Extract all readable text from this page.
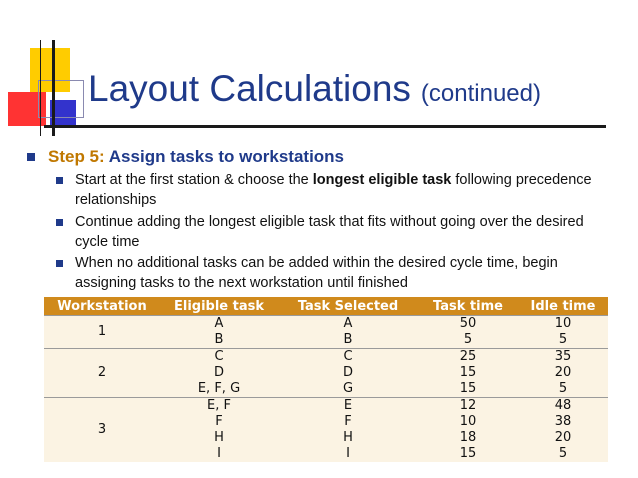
Layout Calculations (continued)
Step 5: Assign tasks to workstations
Start at the first station & choose the longest eligible task following precedence relationships
Continue adding the longest eligible task that fits without going over the desired cycle time
When no additional tasks can be added within the desired cycle time, begin assigning tasks to the next workstation until finished
Workstation	Eligible task	Task Selected	Task time	Idle time
1	A	A	50	10
	B	B	5	5
2	C	C	25	35
	D	D	15	20
	E, F, G	G	15	5
3	E, F	E	12	48
	F	F	10	38
	H	H	18	20
	I	I	15	5
